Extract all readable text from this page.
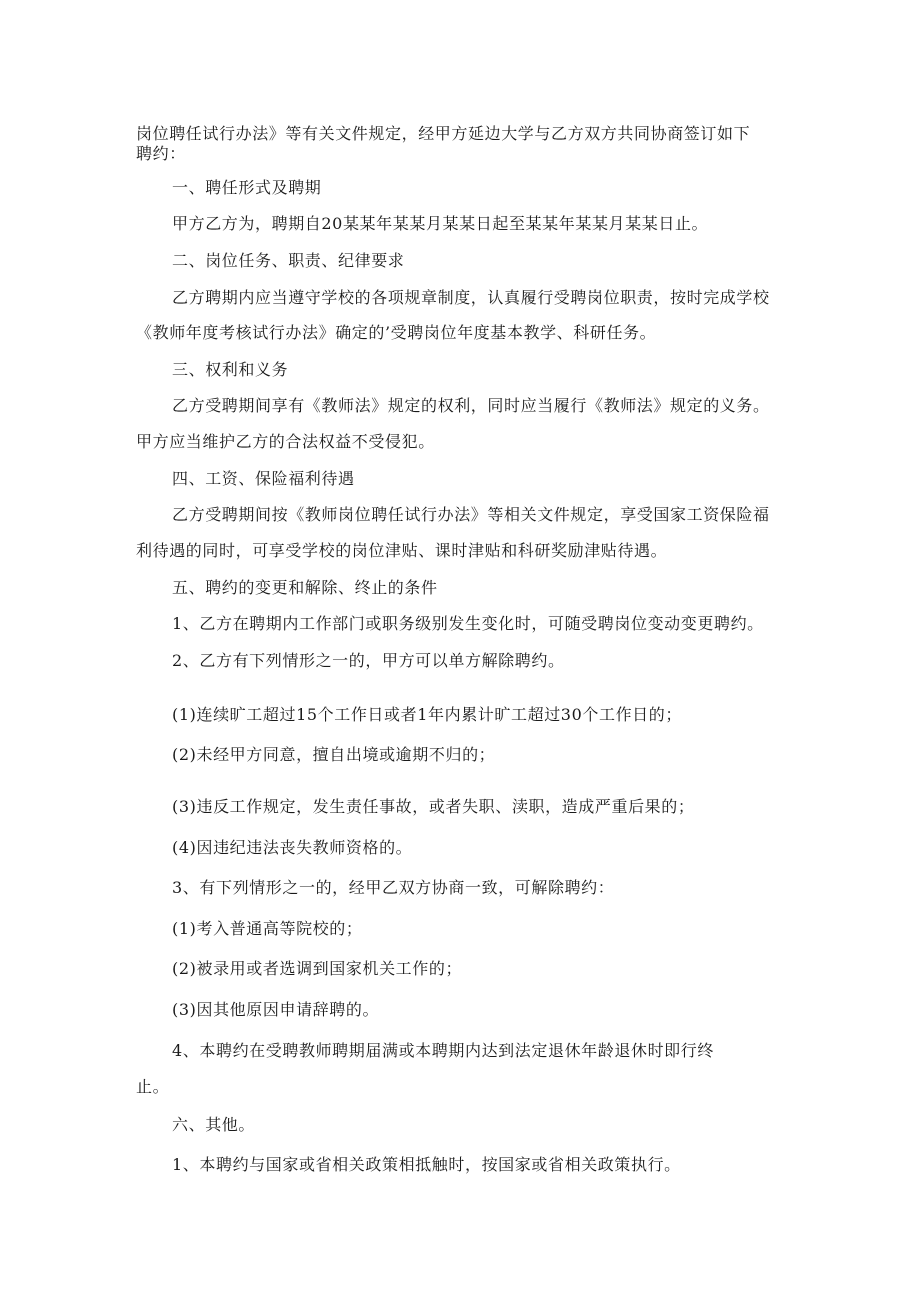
岗位聘任试行办法》等有关文件规定，经甲方延边大学与乙方双方共同协商签订如下
聘约：
一、聘任形式及聘期
甲方乙方为，聘期自20某某年某某月某某日起至某某年某某月某某日止。
二、岗位任务、职责、纪律要求
乙方聘期内应当遵守学校的各项规章制度，认真履行受聘岗位职责，按时完成学校
《教师年度考核试行办法》确定的’受聘岗位年度基本教学、科研任务。
三、权利和义务
乙方受聘期间享有《教师法》规定的权利，同时应当履行《教师法》规定的义务。
甲方应当维护乙方的合法权益不受侵犯。
四、工资、保险福利待遇
乙方受聘期间按《教师岗位聘任试行办法》等相关文件规定，享受国家工资保险福
利待遇的同时，可享受学校的岗位津贴、课时津贴和科研奖励津贴待遇。
五、聘约的变更和解除、终止的条件
1、乙方在聘期内工作部门或职务级别发生变化时，可随受聘岗位变动变更聘约。
2、乙方有下列情形之一的，甲方可以单方解除聘约。
(1)连续旷工超过15个工作日或者1年内累计旷工超过30个工作日的；
(2)未经甲方同意，擅自出境或逾期不归的；
(3)违反工作规定，发生责任事故，或者失职、渎职，造成严重后果的；
(4)因违纪违法丧失教师资格的。
3、有下列情形之一的，经甲乙双方协商一致，可解除聘约：
(1)考入普通高等院校的；
(2)被录用或者选调到国家机关工作的；
(3)因其他原因申请辞聘的。
4、本聘约在受聘教师聘期届满或本聘期内达到法定退休年龄退休时即行终
止。
六、其他。
1、本聘约与国家或省相关政策相抵触时，按国家或省相关政策执行。
